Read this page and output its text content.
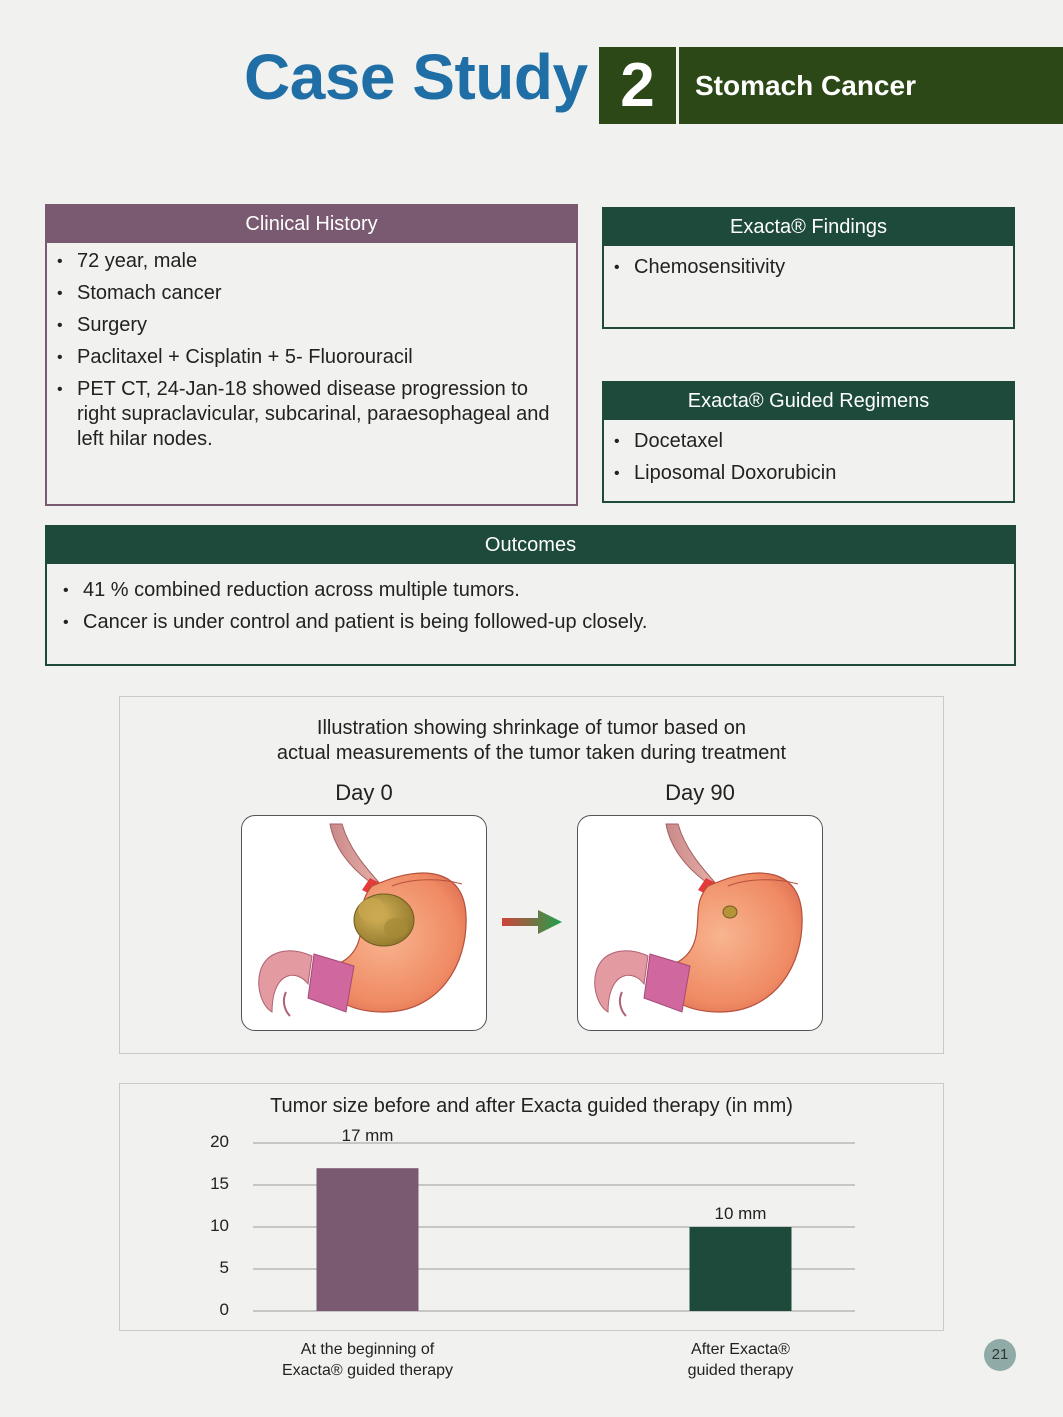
Case Study 2	Stomach Cancer
Clinical History
• 72 year, male
• Stomach cancer
• Surgery
• Paclitaxel + Cisplatin + 5- Fluorouracil
• PET CT, 24-Jan-18 showed disease progression to right supraclavicular, subcarinal, paraesophageal and left hilar nodes.
Exacta® Findings
• Chemosensitivity
Exacta® Guided Regimens
• Docetaxel
• Liposomal Doxorubicin
Outcomes
• 41 % combined reduction across multiple tumors.
• Cancer is under control and patient is being followed-up closely.
Illustration showing shrinkage of tumor based on
actual measurements of the tumor taken during treatment
Day 0	Day 90
Tumor size before and after Exacta guided therapy (in mm)
0
5
10
15
20	17 mm
At the beginning of
Exacta® guided therapy
10 mm
After Exacta®
guided therapy
21
